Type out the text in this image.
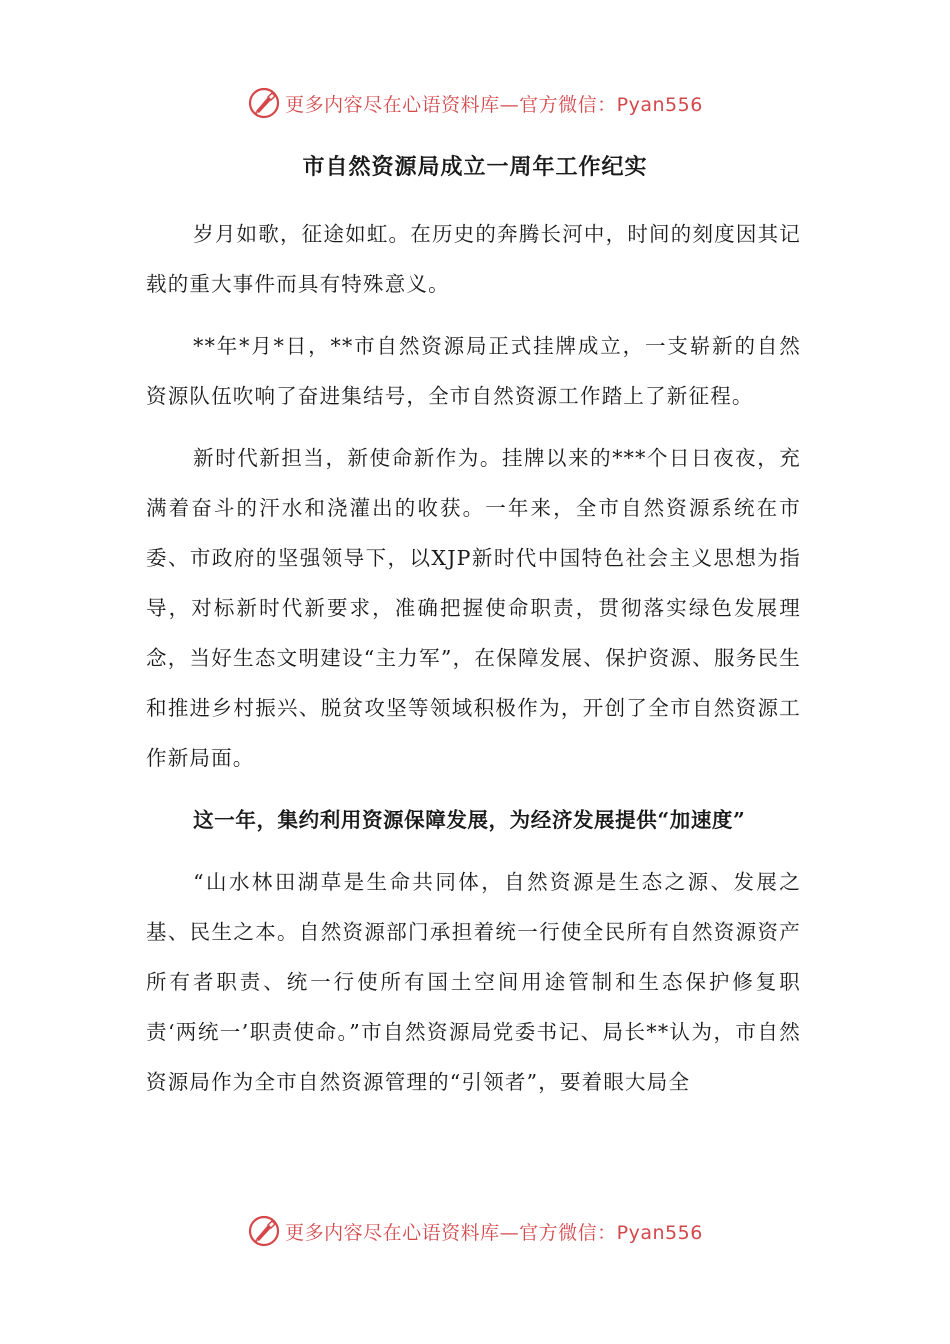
更多内容尽在心语资料库—官方微信：Pyan556
市自然资源局成立一周年工作纪实

岁月如歌，征途如虹。在历史的奔腾长河中，时间的刻度因其记载的重大事件而具有特殊意义。

**年*月*日，**市自然资源局正式挂牌成立，一支崭新的自然资源队伍吹响了奋进集结号，全市自然资源工作踏上了新征程。

新时代新担当，新使命新作为。挂牌以来的***个日日夜夜，充满着奋斗的汗水和浇灌出的收获。一年来，全市自然资源系统在市委、市政府的坚强领导下，以XJP新时代中国特色社会主义思想为指导，对标新时代新要求，准确把握使命职责，贯彻落实绿色发展理念，当好生态文明建设“主力军”，在保障发展、保护资源、服务民生和推进乡村振兴、脱贫攻坚等领域积极作为，开创了全市自然资源工作新局面。

这一年，集约利用资源保障发展，为经济发展提供“加速度”

“山水林田湖草是生命共同体，自然资源是生态之源、发展之基、民生之本。自然资源部门承担着统一行使全民所有自然资源资产所有者职责、统一行使所有国土空间用途管制和生态保护修复职责‘两统一’职责使命。”市自然资源局党委书记、局长**认为，市自然资源局作为全市自然资源管理的“引领者”，要着眼大局全

更多内容尽在心语资料库—官方微信：Pyan556
